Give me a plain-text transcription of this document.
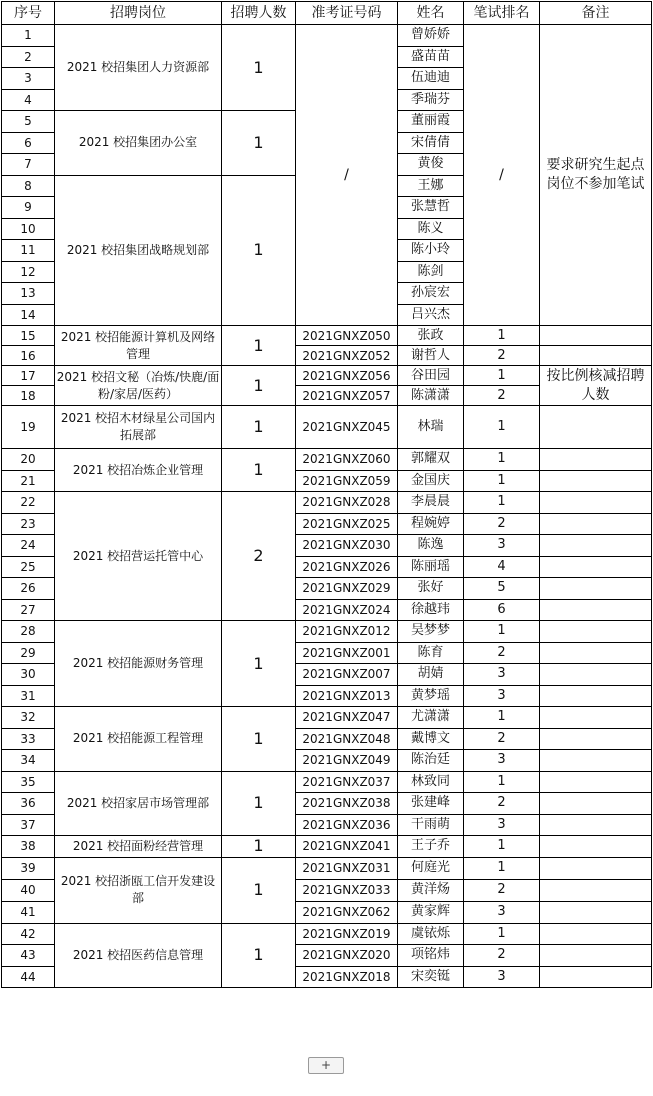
序号	招聘岗位	招聘人数	准考证号码	姓名	笔试排名	备注
1	2021 校招集团人力资源部	1	/	曾娇娇	/	要求研究生起点岗位不参加笔试
2				盛苗苗		
3				伍迪迪		
4				季瑞芬		
5	2021 校招集团办公室	1		董丽霞		
6				宋倩倩		
7				黄俊		
8	2021 校招集团战略规划部	1		王娜		
9				张慧哲		
10				陈义		
11				陈小玲		
12				陈剑		
13				孙宸宏		
14				吕兴杰		
15	2021 校招能源计算机及网络管理	1	2021GNXZ050	张政	1	
16			2021GNXZ052	谢哲人	2	
17	2021 校招文秘（冶炼/快鹿/面粉/家居/医药）	1	2021GNXZ056	谷田园	1	按比例核减招聘人数
18			2021GNXZ057	陈潇潇	2	
19	2021 校招木材绿星公司国内拓展部	1	2021GNXZ045	林瑞	1	
20	2021 校招冶炼企业管理	1	2021GNXZ060	郭耀双	1	
21			2021GNXZ059	金国庆	1	
22	2021 校招营运托管中心	2	2021GNXZ028	李晨晨	1	
23			2021GNXZ025	程婉婷	2	
24			2021GNXZ030	陈逸	3	
25			2021GNXZ026	陈丽瑶	4	
26			2021GNXZ029	张好	5	
27			2021GNXZ024	徐越玮	6	
28	2021 校招能源财务管理	1	2021GNXZ012	吴梦梦	1	
29			2021GNXZ001	陈育	2	
30			2021GNXZ007	胡婧	3	
31			2021GNXZ013	黄梦瑶	3	
32	2021 校招能源工程管理	1	2021GNXZ047	尤潇潇	1	
33			2021GNXZ048	戴博文	2	
34			2021GNXZ049	陈治廷	3	
35	2021 校招家居市场管理部	1	2021GNXZ037	林致同	1	
36			2021GNXZ038	张建峰	2	
37			2021GNXZ036	干雨萌	3	
38	2021 校招面粉经营管理	1	2021GNXZ041	王子乔	1	
39	2021 校招浙瓯工信开发建设部	1	2021GNXZ031	何庭光	1	
40			2021GNXZ033	黄洋炀	2	
41			2021GNXZ062	黄家辉	3	
42	2021 校招医药信息管理	1	2021GNXZ019	虞铱烁	1	
43			2021GNXZ020	项铭炜	2	
44			2021GNXZ018	宋奕铤	3	
+
